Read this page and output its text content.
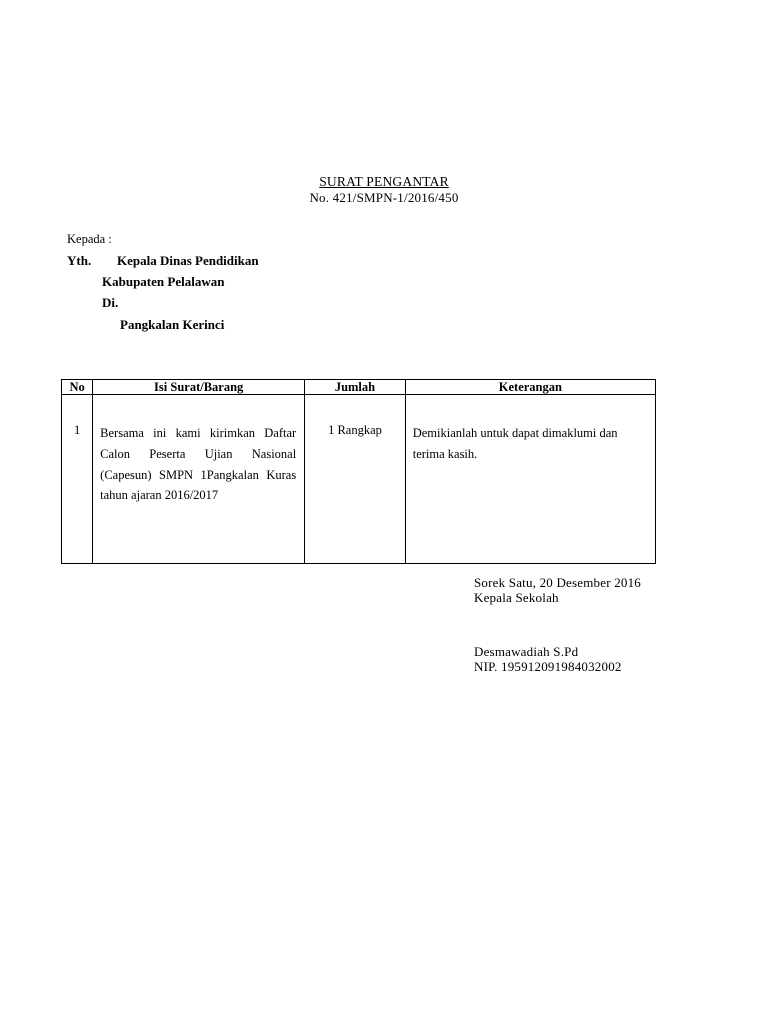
SURAT PENGANTAR
No. 421/SMPN-1/2016/450
Kepada :
Yth. Kepala Dinas Pendidikan
Kabupaten Pelalawan
Di.
Pangkalan Kerinci
No	Isi Surat/Barang	Jumlah	Keterangan
1	Bersama ini kami kirimkan Daftar Calon Peserta Ujian Nasional (Capesun) SMPN 1Pangkalan Kuras tahun ajaran 2016/2017	1 Rangkap	Demikianlah untuk dapat dimaklumi dan terima kasih.
Sorek Satu, 20 Desember 2016
Kepala Sekolah
Desmawadiah S.Pd
NIP. 195912091984032002
